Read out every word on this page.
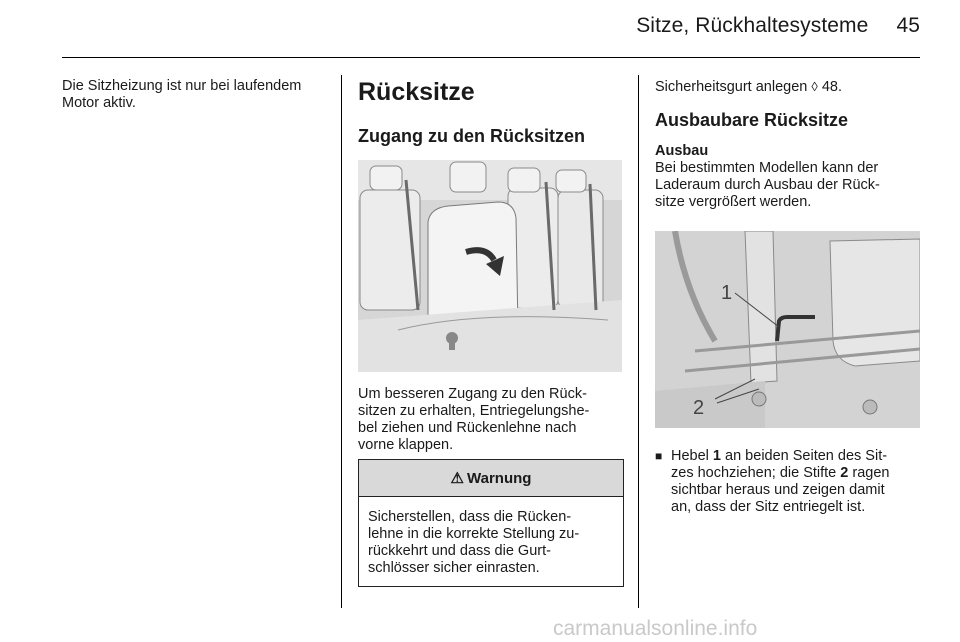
Sitze, Rückhaltesysteme 45

Die Sitzheizung ist nur bei laufendem
Motor aktiv.	Rücksitze
Zugang zu den Rücksitzen

Um besseren Zugang zu den Rück-
sitzen zu erhalten, Entriegelungshe-
bel ziehen und Rückenlehne nach
vorne klappen.

⚠ Warnung
Sicherstellen, dass die Rücken-
lehne in die korrekte Stellung zu-
rückkehrt und dass die Gurt-
schlösser sicher einrasten.

Sicherheitsgurt anlegen ◊ 48.

Ausbaubare Rücksitze
Ausbau

Bei bestimmten Modellen kann der
Laderaum durch Ausbau der Rück-
sitze vergrößert werden.

1
2
■ Hebel 1 an beiden Seiten des Sit-
zes hochziehen; die Stifte 2 ragen
sichtbar heraus und zeigen damit
an, dass der Sitz entriegelt ist.

carmanualsonline.info
